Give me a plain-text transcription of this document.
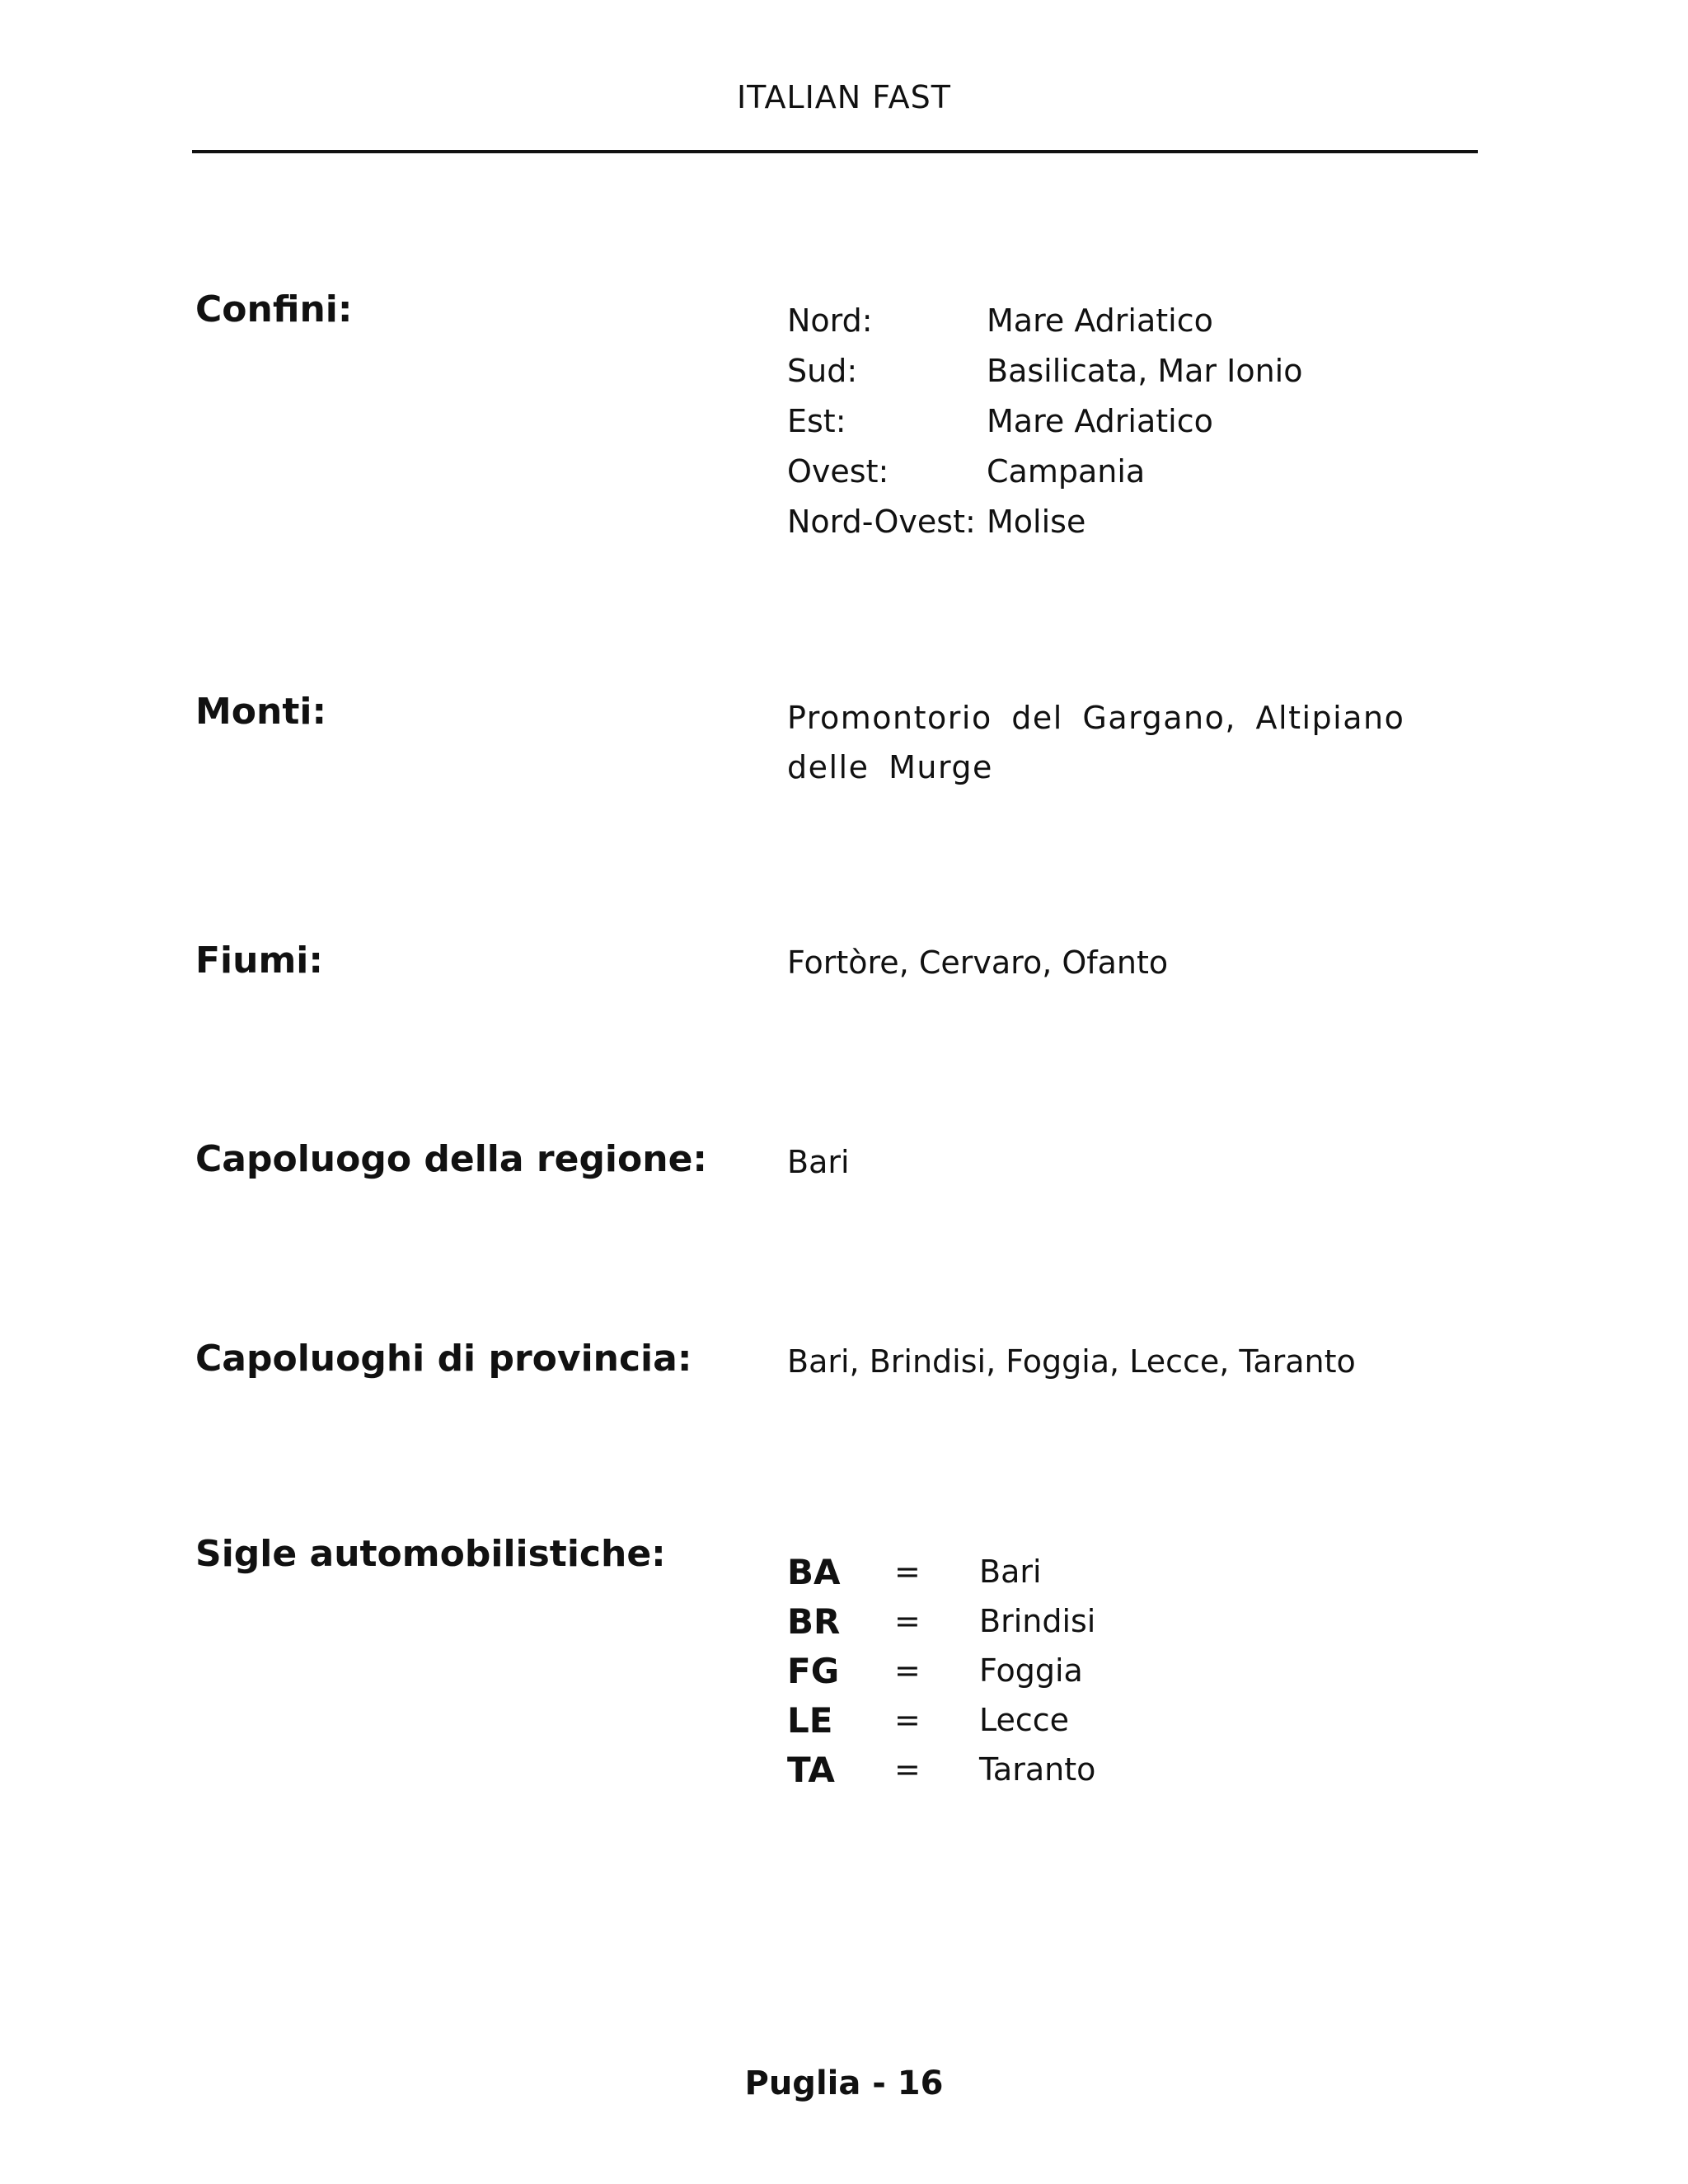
ITALIAN FAST
Confini:	Nord:	Mare Adriatico
Sud:	Basilicata, Mar Ionio
Est:	Mare Adriatico
Ovest:	Campania
Nord-Ovest: Molise
Monti:	Promontorio del Gargano, Altipiano delle Murge
Fiumi:	Fortòre, Cervaro, Ofanto
Capoluogo della regione:	Bari
Capoluoghi di provincia:	Bari, Brindisi, Foggia, Lecce, Taranto
Sigle automobilistiche:	BA	=	Bari
BR	=	Brindisi
FG	=	Foggia
LE	=	Lecce
TA	=	Taranto
Puglia - 16
